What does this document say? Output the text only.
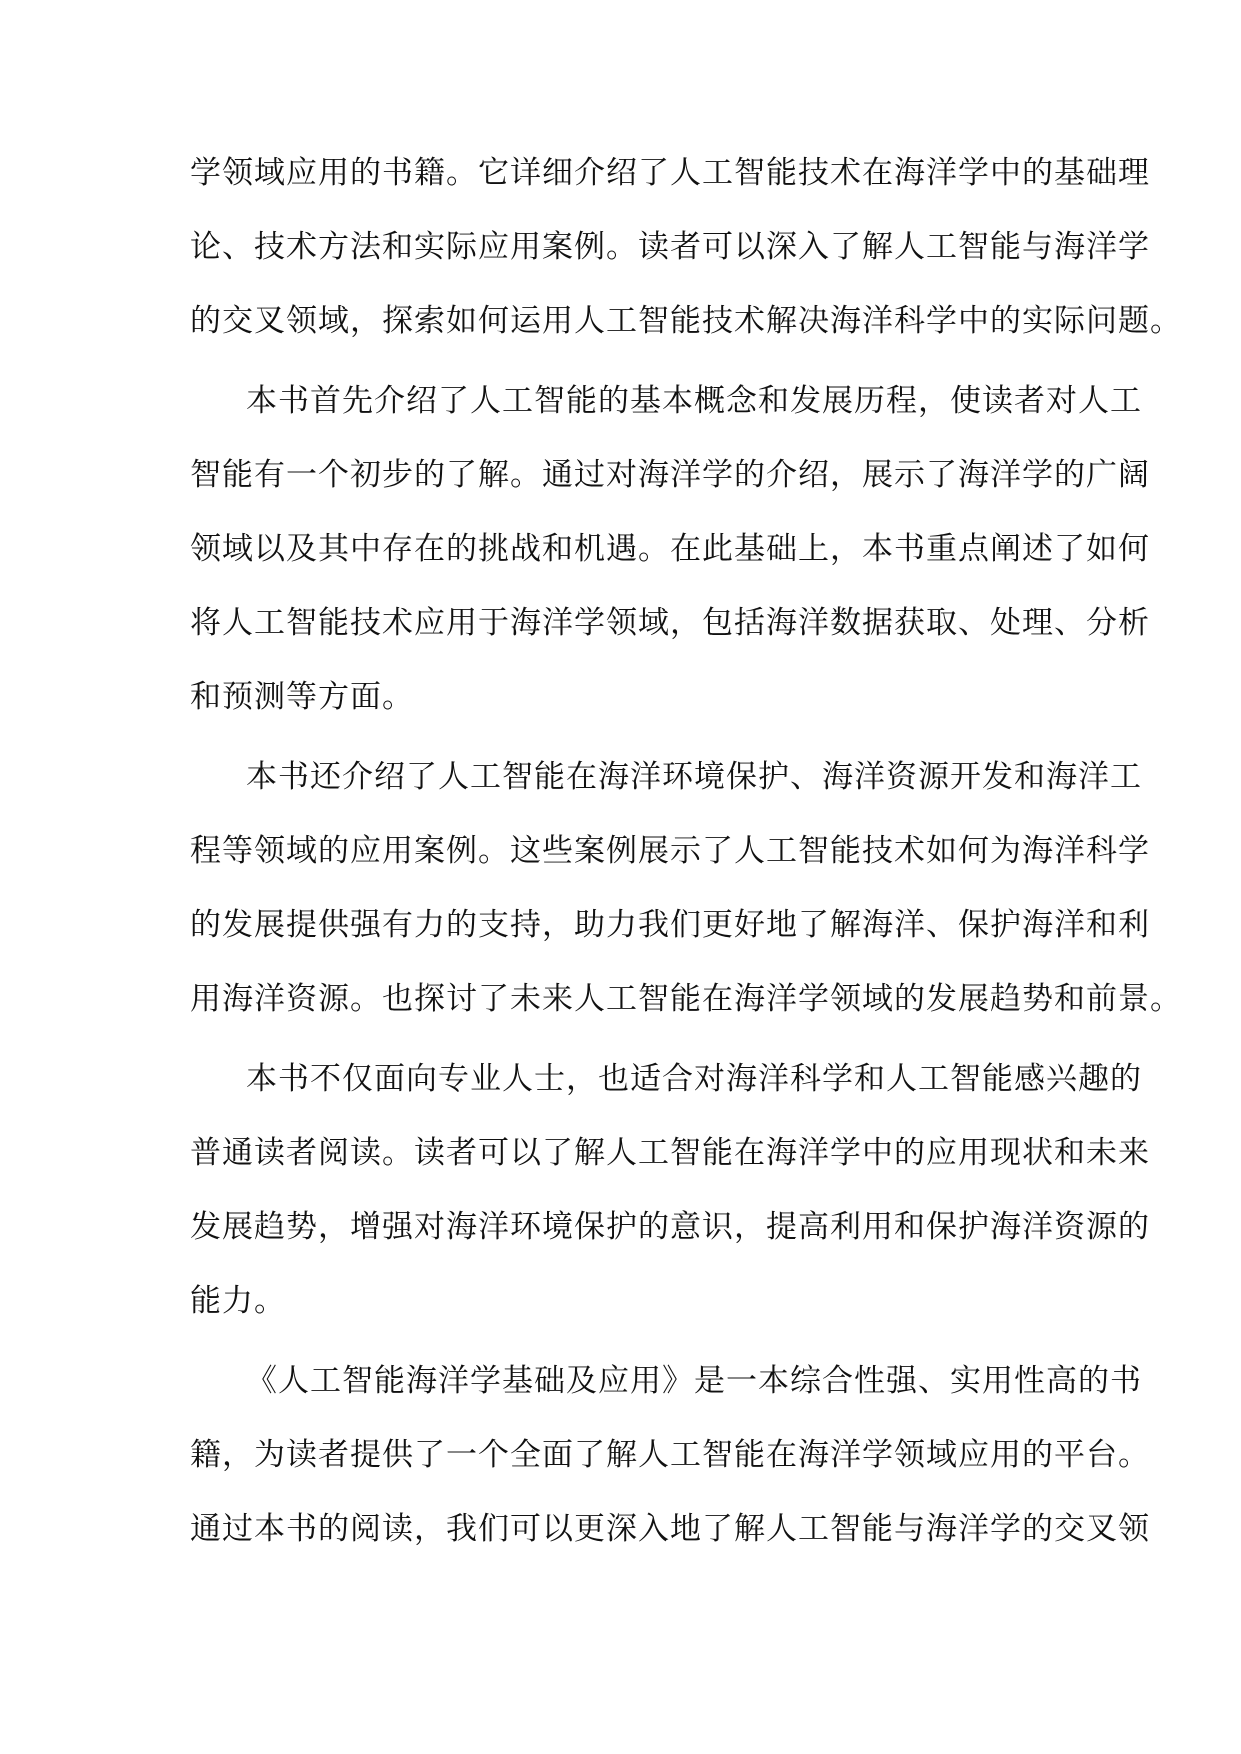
学领域应用的书籍。它详细介绍了人工智能技术在海洋学中的基础理
论、技术方法和实际应用案例。读者可以深入了解人工智能与海洋学
的交叉领域，探索如何运用人工智能技术解决海洋科学中的实际问题。
本书首先介绍了人工智能的基本概念和发展历程，使读者对人工
智能有一个初步的了解。通过对海洋学的介绍，展示了海洋学的广阔
领域以及其中存在的挑战和机遇。在此基础上，本书重点阐述了如何
将人工智能技术应用于海洋学领域，包括海洋数据获取、处理、分析
和预测等方面。
本书还介绍了人工智能在海洋环境保护、海洋资源开发和海洋工
程等领域的应用案例。这些案例展示了人工智能技术如何为海洋科学
的发展提供强有力的支持，助力我们更好地了解海洋、保护海洋和利
用海洋资源。也探讨了未来人工智能在海洋学领域的发展趋势和前景。
本书不仅面向专业人士，也适合对海洋科学和人工智能感兴趣的
普通读者阅读。读者可以了解人工智能在海洋学中的应用现状和未来
发展趋势，增强对海洋环境保护的意识，提高利用和保护海洋资源的
能力。
《人工智能海洋学基础及应用》是一本综合性强、实用性高的书
籍，为读者提供了一个全面了解人工智能在海洋学领域应用的平台。
通过本书的阅读，我们可以更深入地了解人工智能与海洋学的交叉领
